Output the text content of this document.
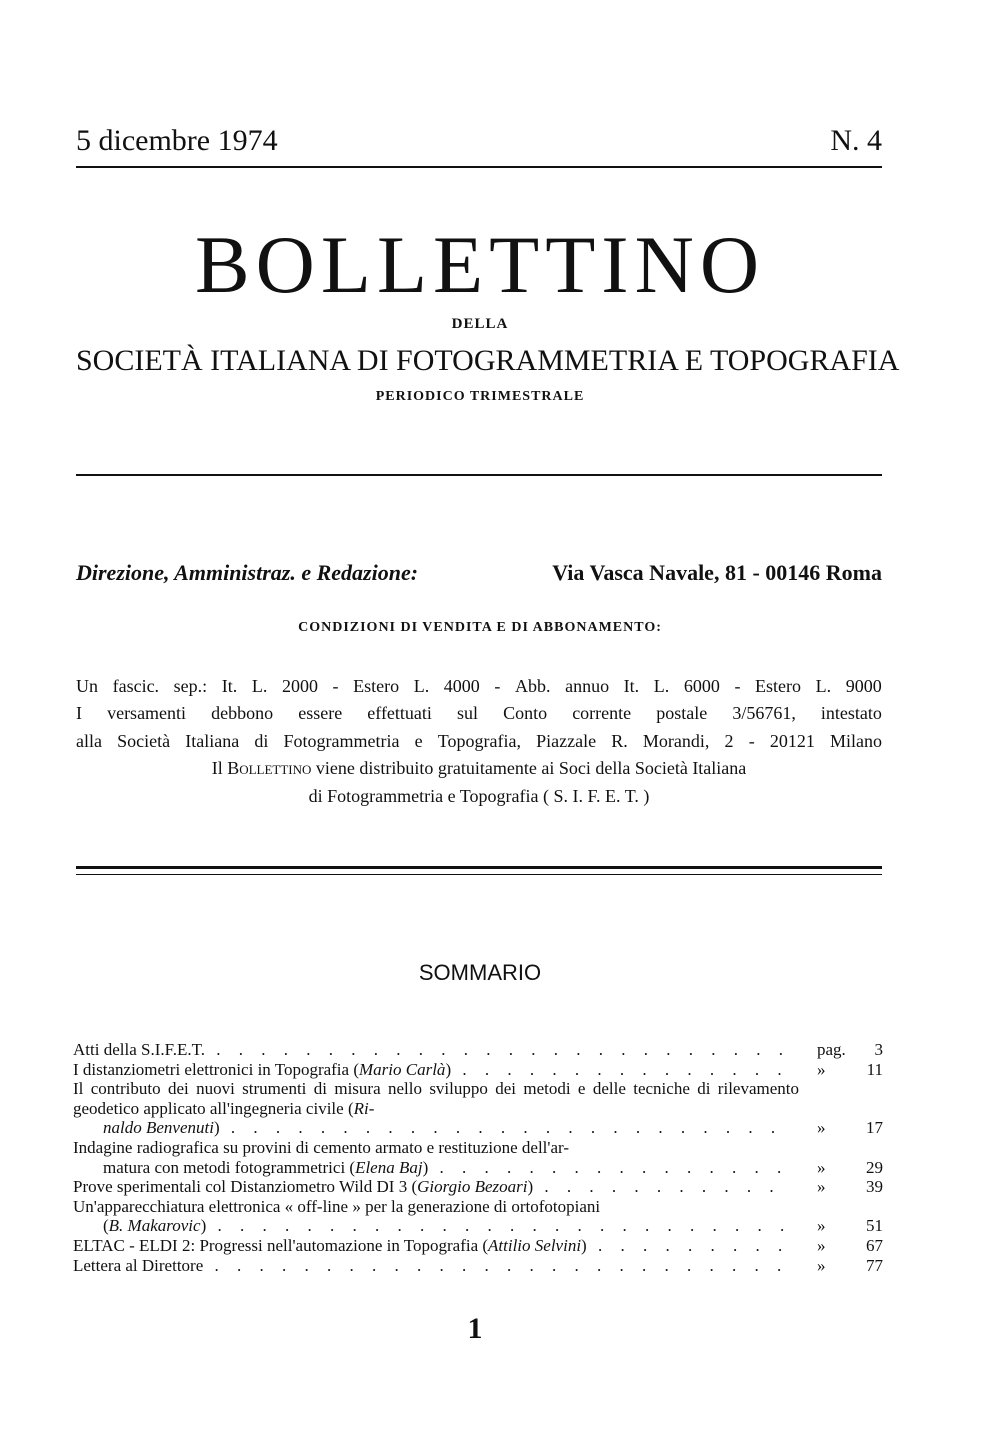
5 dicembre 1974	N. 4
BOLLETTINO
DELLA
SOCIETÀ ITALIANA DI FOTOGRAMMETRIA E TOPOGRAFIA
PERIODICO TRIMESTRALE
Direzione, Amministraz. e Redazione:	Via Vasca Navale, 81 - 00146 Roma
CONDIZIONI DI VENDITA E DI ABBONAMENTO:
Un fascic. sep.: It. L. 2000 - Estero L. 4000 - Abb. annuo It. L. 6000 - Estero L. 9000
I versamenti debbono essere effettuati sul Conto corrente postale 3/56761, intestato
alla Società Italiana di Fotogrammetria e Topografia, Piazzale R. Morandi, 2 - 20121 Milano
Il Bollettino viene distribuito gratuitamente ai Soci della Società Italiana
di Fotogrammetria e Topografia ( S. I. F. E. T. )
SOMMARIO
Atti della S.I.F.E.T. . . . . . . . . . . . . . . . . . . . . . . . . . .	pag.	3
I distanziometri elettronici in Topografia (Mario Carlà) . . . . . . . . . . . . . . .	»	11
Il contributo dei nuovi strumenti di misura nello sviluppo dei metodi e delle tecniche di rilevamento geodetico applicato all'ingegneria civile (Ri-
naldo Benvenuti) . . . . . . . . . . . . . . . . . . . . . . . . .	» 17
Indagine radiografica su provini di cemento armato e restituzione dell'ar-
matura con metodi fotogrammetrici (Elena Baj) . . . . . . . . . . . . . . . .	» 29
Prove sperimentali col Distanziometro Wild DI 3 (Giorgio Bezoari) . . . . . . . . . . .	» 39
Un'apparecchiatura elettronica « off-line » per la generazione di ortofotopiani
(B. Makarovic) . . . . . . . . . . . . . . . . . . . . . . . . . .	» 51
ELTAC - ELDI 2: Progressi nell'automazione in Topografia (Attilio Selvini) . . . . . . . . .	» 67
Lettera al Direttore . . . . . . . . . . . . . . . . . . . . . . . . . .	» 77
1
